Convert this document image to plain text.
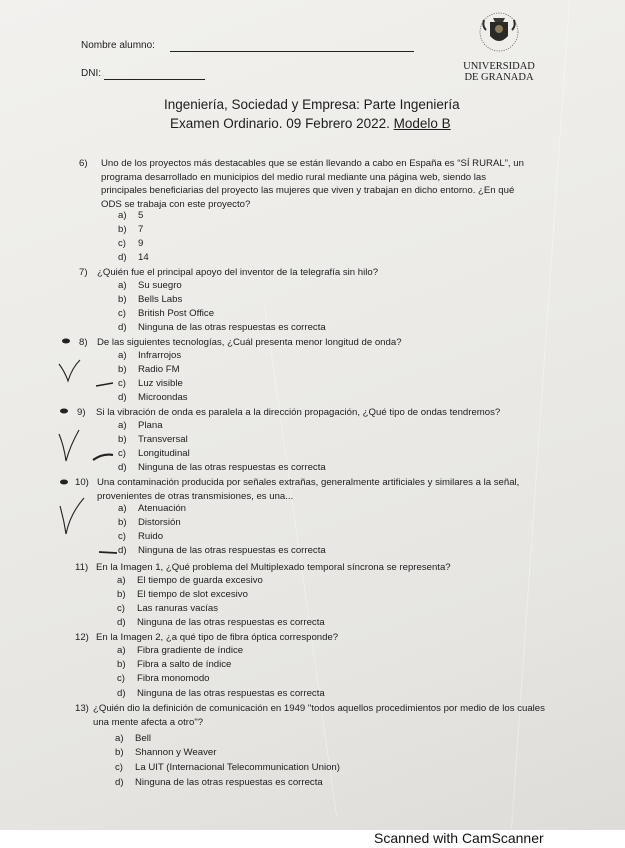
Nombre alumno:
DNI:
UNIVERSIDAD
DE GRANADA
Ingeniería, Sociedad y Empresa: Parte Ingeniería
Examen Ordinario. 09 Febrero 2022. Modelo B
6) Uno de los proyectos más destacables que se están llevando a cabo en España es “SÍ RURAL”, un programa desarrollado en municipios del medio rural mediante una página web, siendo las principales beneficiarias del proyecto las mujeres que viven y trabajan en dicho entorno. ¿En qué ODS se trabaja con este proyecto?
a) 5
b) 7
c) 9
d) 14
7) ¿Quién fue el principal apoyo del inventor de la telegrafía sin hilo?
a) Su suegro
b) Bells Labs
c) British Post Office
d) Ninguna de las otras respuestas es correcta
8) De las siguientes tecnologías, ¿Cuál presenta menor longitud de onda?
a) Infrarrojos
b) Radio FM
c) Luz visible
d) Microondas
9) Si la vibración de onda es paralela a la dirección propagación, ¿Qué tipo de ondas tendremos?
a) Plana
b) Transversal
c) Longitudinal
d) Ninguna de las otras respuestas es correcta
10) Una contaminación producida por señales extrañas, generalmente artificiales y similares a la señal, provenientes de otras transmisiones, es una...
a) Atenuación
b) Distorsión
c) Ruido
d) Ninguna de las otras respuestas es correcta
11) En la Imagen 1, ¿Qué problema del Multiplexado temporal síncrona se representa?
a) El tiempo de guarda excesivo
b) El tiempo de slot excesivo
c) Las ranuras vacías
d) Ninguna de las otras respuestas es correcta
12) En la Imagen 2, ¿a qué tipo de fibra óptica corresponde?
a) Fibra gradiente de índice
b) Fibra a salto de índice
c) Fibra monomodo
d) Ninguna de las otras respuestas es correcta
13) ¿Quién dio la definición de comunicación en 1949 "todos aquellos procedimientos por medio de los cuales una mente afecta a otro"?
a) Bell
b) Shannon y Weaver
c) La UIT (Internacional Telecommunication Union)
d) Ninguna de las otras respuestas es correcta
Scanned with CamScanner
